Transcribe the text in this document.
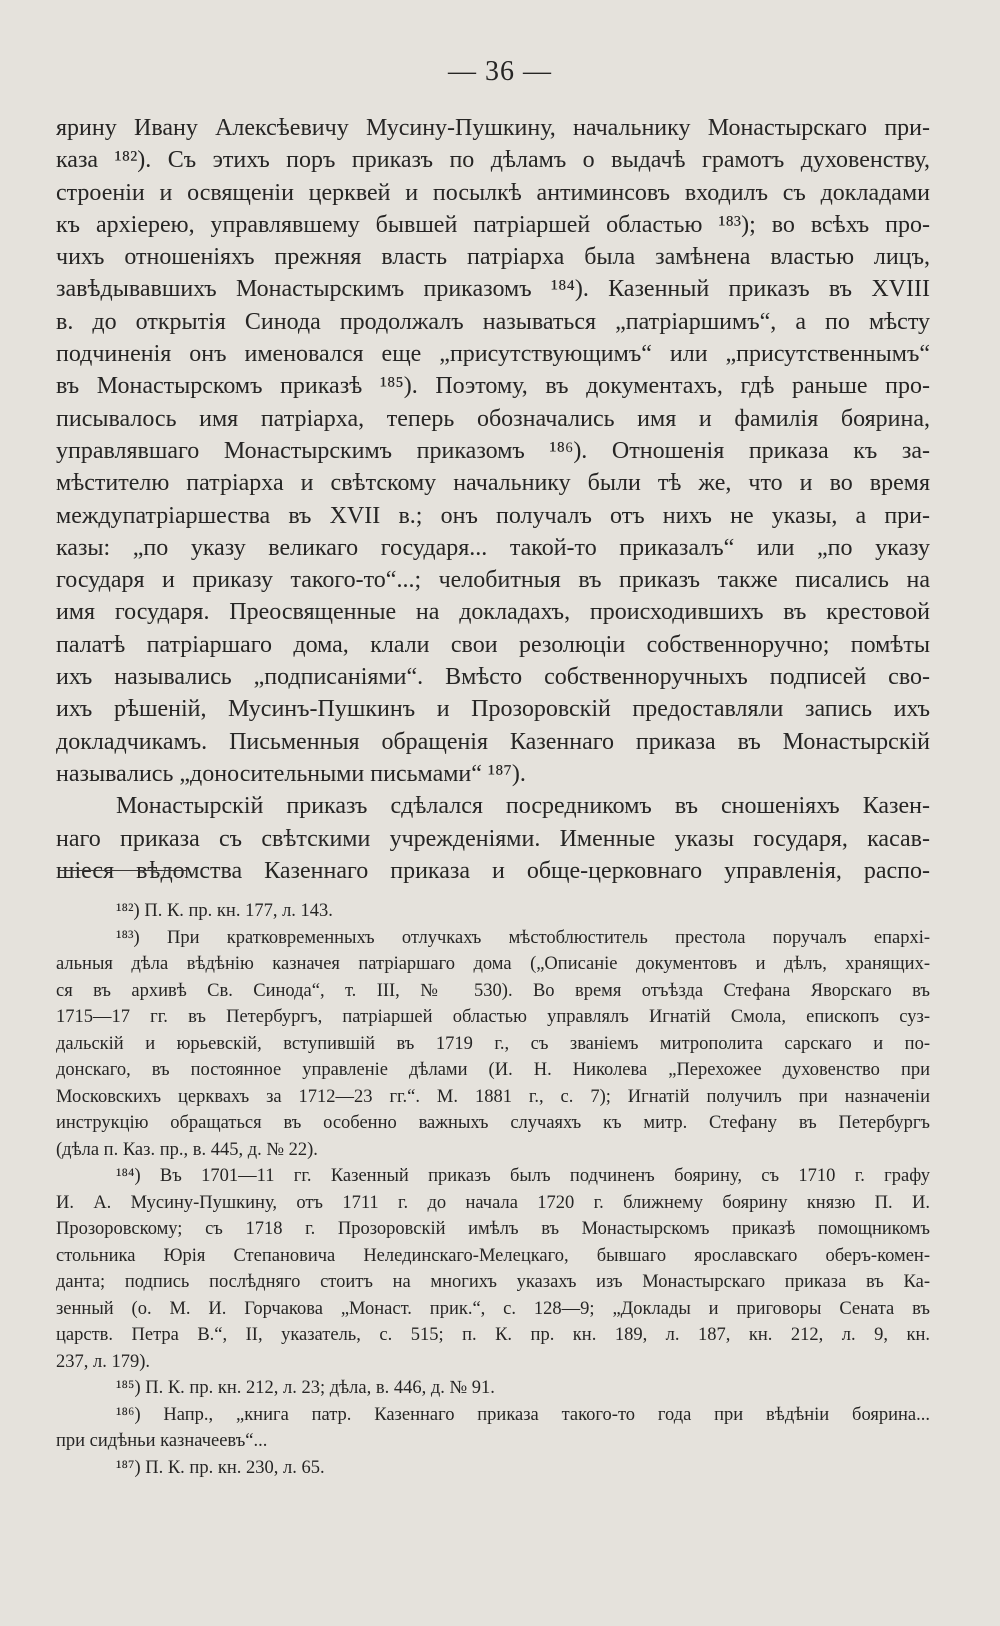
— 36 —
ярину Ивану Алексѣевичу Мусину-Пушкину, начальнику Монастырскаго при-
каза ¹⁸²). Съ этихъ поръ приказъ по дѣламъ о выдачѣ грамотъ духовенству,
строеніи и освященіи церквей и посылкѣ антиминсовъ входилъ съ докладами
къ архіерею, управлявшему бывшей патріаршей областью ¹⁸³); во всѣхъ про-
чихъ отношеніяхъ прежняя власть патріарха была замѣнена властью лицъ,
завѣдывавшихъ Монастырскимъ приказомъ ¹⁸⁴). Казенный приказъ въ XVIII
в. до открытія Синода продолжалъ называться „патріаршимъ“, а по мѣсту
подчиненія онъ именовался еще „присутствующимъ“ или „присутственнымъ“
въ Монастырскомъ приказѣ ¹⁸⁵). Поэтому, въ документахъ, гдѣ раньше про-
писывалось имя патріарха, теперь обозначались имя и фамилія боярина,
управлявшаго Монастырскимъ приказомъ ¹⁸⁶). Отношенія приказа къ за-
мѣстителю патріарха и свѣтскому начальнику были тѣ же, что и во время
междупатріаршества въ XVII в.; онъ получалъ отъ нихъ не указы, а при-
казы: „по указу великаго государя... такой-то приказалъ“ или „по указу
государя и приказу такого-то“...; челобитныя въ приказъ также писались на
имя государя. Преосвященные на докладахъ, происходившихъ въ крестовой
палатѣ патріаршаго дома, клали свои резолюціи собственноручно; помѣты
ихъ назывались „подписаніями“. Вмѣсто собственноручныхъ подписей сво-
ихъ рѣшеній, Мусинъ-Пушкинъ и Прозоровскій предоставляли запись ихъ
докладчикамъ. Письменныя обращенія Казеннаго приказа въ Монастырскій
назывались „доносительными письмами“ ¹⁸⁷).
Монастырскій приказъ сдѣлался посредникомъ въ сношеніяхъ Казен-
наго приказа съ свѣтскими учрежденіями. Именные указы государя, касав-
шіеся вѣдомства Казеннаго приказа и обще-церковнаго управленія, распо-
¹⁸²) П. К. пр. кн. 177, л. 143.
¹⁸³) При кратковременныхъ отлучкахъ мѣстоблюститель престола поручалъ епархі-
альныя дѣла вѣдѣнію казначея патріаршаго дома („Описаніе документовъ и дѣлъ, хранящих-
ся въ архивѣ Св. Синода“, т. III, № 530). Во время отъѣзда Стефана Яворскаго въ
1715—17 гг. въ Петербургъ, патріаршей областью управлялъ Игнатій Смола, епископъ суз-
дальскій и юрьевскій, вступившій въ 1719 г., съ званіемъ митрополита сарскаго и по-
донскаго, въ постоянное управленіе дѣлами (И. Н. Николева „Перехожее духовенство при
Московскихъ церквахъ за 1712—23 гг.“. М. 1881 г., с. 7); Игнатій получилъ при назначеніи
инструкцію обращаться въ особенно важныхъ случаяхъ къ митр. Стефану въ Петербургъ
(дѣла п. Каз. пр., в. 445, д. № 22).
¹⁸⁴) Въ 1701—11 гг. Казенный приказъ былъ подчиненъ боярину, съ 1710 г. графу
И. А. Мусину-Пушкину, отъ 1711 г. до начала 1720 г. ближнему боярину князю П. И.
Прозоровскому; съ 1718 г. Прозоровскій имѣлъ въ Монастырскомъ приказѣ помощникомъ
стольника Юрія Степановича Нелединскаго-Мелецкаго, бывшаго ярославскаго оберъ-комен-
данта; подпись послѣдняго стоитъ на многихъ указахъ изъ Монастырскаго приказа въ Ка-
зенный (о. М. И. Горчакова „Монаст. прик.“, с. 128—9; „Доклады и приговоры Сената въ
царств. Петра В.“, II, указатель, с. 515; п. К. пр. кн. 189, л. 187, кн. 212, л. 9, кн.
237, л. 179).
¹⁸⁵) П. К. пр. кн. 212, л. 23; дѣла, в. 446, д. № 91.
¹⁸⁶) Напр., „книга патр. Казеннаго приказа такого-то года при вѣдѣніи боярина...
при сидѣньи казначеевъ“...
¹⁸⁷) П. К. пр. кн. 230, л. 65.
